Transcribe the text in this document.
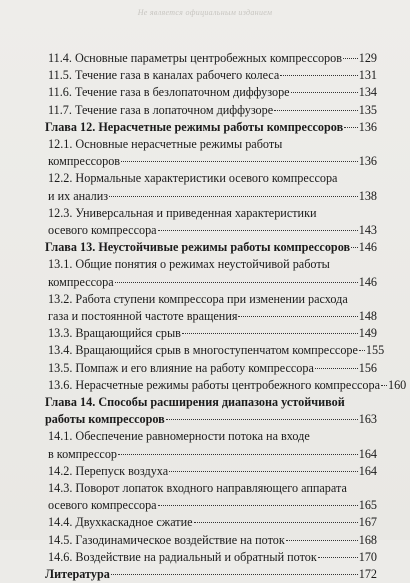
Не является официальным изданием
11.4. Основные параметры центробежных компрессоров 129
11.5. Течение газа в каналах рабочего колеса	131
11.6. Течение газа в безлопаточном диффузоре	134
11.7. Течение газа в лопаточном диффузоре	135
Глава 12. Нерасчетные режимы работы компрессоров 136
12.1. Основные нерасчетные режимы работы
компрессоров	136
12.2. Нормальные характеристики осевого компрессора
и их анализ	138
12.3. Универсальная и приведенная характеристики
осевого компрессора	143
Глава 13. Неустойчивые режимы работы компрессоров 146
13.1. Общие понятия о режимах неустойчивой работы
компрессора	146
13.2. Работа ступени компрессора при изменении расхода
газа и постоянной частоте вращения	148
13.3. Вращающийся срыв	149
13.4. Вращающийся срыв в многоступенчатом компрессоре 155
13.5. Помпаж и его влияние на работу компрессора	156
13.6. Нерасчетные режимы работы центробежного компрессора 160
Глава 14. Способы расширения диапазона устойчивой
работы компрессоров	163
14.1. Обеспечение равномерности потока на входе
в компрессор	164
14.2. Перепуск воздуха	164
14.3. Поворот лопаток входного направляющего аппарата
осевого компрессора	165
14.4. Двухкаскадное сжатие	167
14.5. Газодинамическое воздействие на поток	168
14.6. Воздействие на радиальный и обратный поток	170
Литература	172
